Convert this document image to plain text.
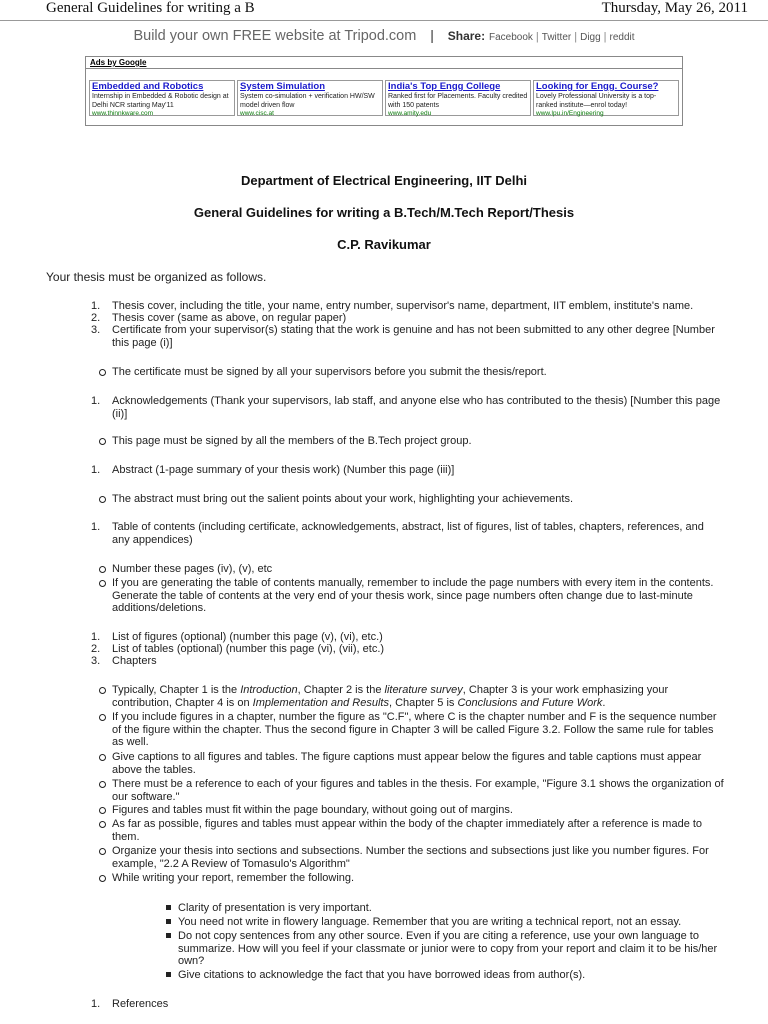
General Guidelines for writing a B	Thursday, May 26, 2011
Build your own FREE website at Tripod.com | Share: Facebook | Twitter | Digg | reddit
Ads by Google
Embedded and Robotics
Internship in Embedded & Robotic design at Delhi NCR starting May'11
www.thinnkware.com
System Simulation
System co-simulation + verification HW/SW model driven flow
www.cisc.at
India's Top Engg College
Ranked first for Placements. Faculty credited with 150 patents
www.amity.edu
Looking for Engg. Course?
Lovely Professional University is a top-ranked institute—enrol today!
www.lpu.in/Engineering
Department of Electrical Engineering, IIT Delhi
General Guidelines for writing a B.Tech/M.Tech Report/Thesis
C.P. Ravikumar
Your thesis must be organized as follows.
1. Thesis cover, including the title, your name, entry number, supervisor's name, department, IIT emblem, institute's name.
2. Thesis cover (same as above, on regular paper)
3. Certificate from your supervisor(s) stating that the work is genuine and has not been submitted to any other degree [Number this page (i)]
The certificate must be signed by all your supervisors before you submit the thesis/report.
1. Acknowledgements (Thank your supervisors, lab staff, and anyone else who has contributed to the thesis) [Number this page (ii)]
This page must be signed by all the members of the B.Tech project group.
1. Abstract (1-page summary of your thesis work) (Number this page (iii)]
The abstract must bring out the salient points about your work, highlighting your achievements.
1. Table of contents (including certificate, acknowledgements, abstract, list of figures, list of tables, chapters, references, and any appendices)
Number these pages (iv), (v), etc
If you are generating the table of contents manually, remember to include the page numbers with every item in the contents. Generate the table of contents at the very end of your thesis work, since page numbers often change due to last-minute additions/deletions.
1. List of figures (optional) (number this page (v), (vi), etc.)
2. List of tables (optional) (number this page (vi), (vii), etc.)
3. Chapters
Typically, Chapter 1 is the Introduction, Chapter 2 is the literature survey, Chapter 3 is your work emphasizing your contribution, Chapter 4 is on Implementation and Results, Chapter 5 is Conclusions and Future Work.
If you include figures in a chapter, number the figure as "C.F", where C is the chapter number and F is the sequence number of the figure within the chapter. Thus the second figure in Chapter 3 will be called Figure 3.2. Follow the same rule for tables as well.
Give captions to all figures and tables. The figure captions must appear below the figures and table captions must appear above the tables.
There must be a reference to each of your figures and tables in the thesis. For example, "Figure 3.1 shows the organization of our software."
Figures and tables must fit within the page boundary, without going out of margins.
As far as possible, figures and tables must appear within the body of the chapter immediately after a reference is made to them.
Organize your thesis into sections and subsections. Number the sections and subsections just like you number figures. For example, "2.2 A Review of Tomasulo's Algorithm"
While writing your report, remember the following.
Clarity of presentation is very important.
You need not write in flowery language. Remember that you are writing a technical report, not an essay.
Do not copy sentences from any other source. Even if you are citing a reference, use your own language to summarize. How will you feel if your classmate or junior were to copy from your report and claim it to be his/her own?
Give citations to acknowledge the fact that you have borrowed ideas from author(s).
1. References
